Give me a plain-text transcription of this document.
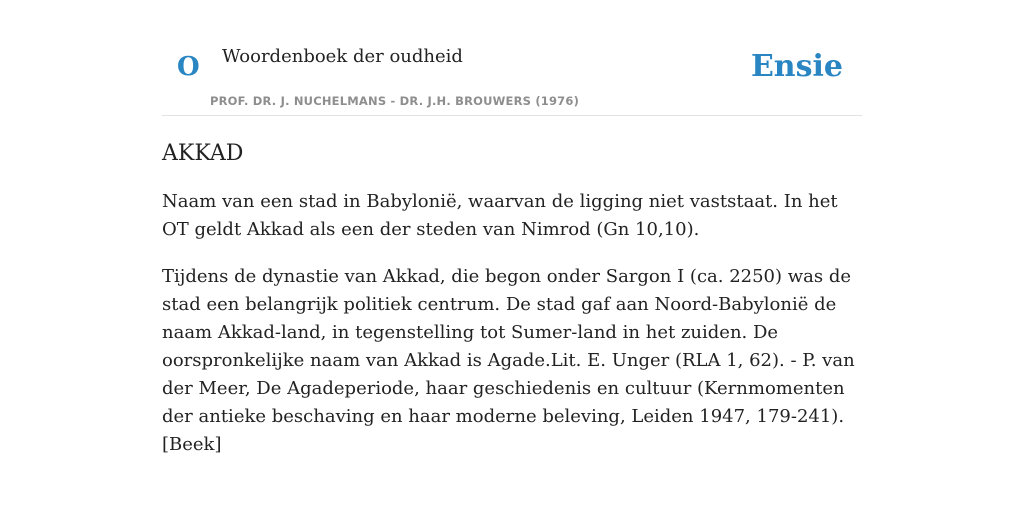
O Woordenboek der oudheid
PROF. DR. J. NUCHELMANS - DR. J.H. BROUWERS (1976)
Ensie
AKKAD

Naam van een stad in Babylonië, waarvan de ligging niet vaststaat. In het OT geldt Akkad als een der steden van Nimrod (Gn 10,10).

Tijdens de dynastie van Akkad, die begon onder Sargon I (ca. 2250) was de stad een belangrijk politiek centrum. De stad gaf aan Noord-Babylonië de naam Akkad-land, in tegenstelling tot Sumer-land in het zuiden. De oorspronkelijke naam van Akkad is Agade.Lit. E. Unger (RLA 1, 62). - P. van der Meer, De Agadeperiode, haar geschiedenis en cultuur (Kernmomenten der antieke beschaving en haar moderne beleving, Leiden 1947, 179-241). [Beek]
